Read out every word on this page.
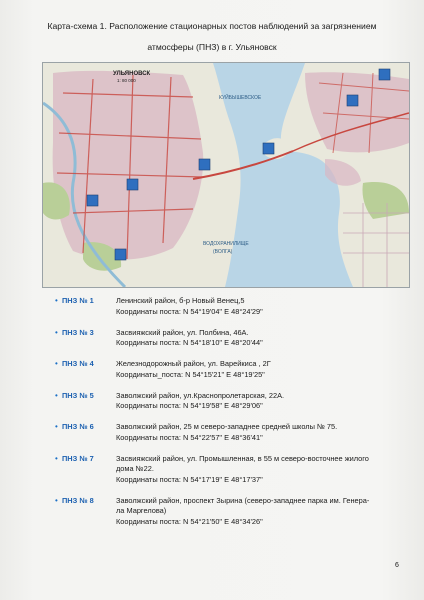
Карта-схема 1. Расположение стационарных постов наблюдений за загрязнением
атмосферы (ПНЗ) в г. Ульяновск
УЛЬЯНОВСК
1: 80 000
КУЙБЫШЕВСКОЕ
ВОДОХРАНИЛИЩЕ
(ВОЛГА)
• ПНЗ № 1	Ленинский район, б-р Новый Венец,5
Координаты поста: N 54°19'04" E 48°24'29"
• ПНЗ № 3	Засвияжский район, ул. Полбина, 46А.
Координаты поста: N 54°18'10" E 48°20'44"
• ПНЗ № 4	Железнодорожный район, ул. Варейкиса , 2Г
Координаты_поста: N 54°15'21" E 48°19'25"
• ПНЗ № 5	Заволжский район, ул.Краснопролетарская, 22А.
Координаты поста: N 54°19'58" E 48°29'06"
• ПНЗ № 6	Заволжский район, 25 м северо-западнее средней школы № 75.
Координаты поста: N 54°22'57" E 48°36'41"
• ПНЗ № 7	Засвияжский район, ул. Промышленная, в 55 м северо-восточнее жилого
дома №22.
Координаты поста: N 54°17'19" E 48°17'37"
• ПНЗ № 8	Заволжский район, проспект Зырина (северо-западнее парка им. Генера-
ла Маргелова)
Координаты поста: N 54°21'50" E 48°34'26"
6
